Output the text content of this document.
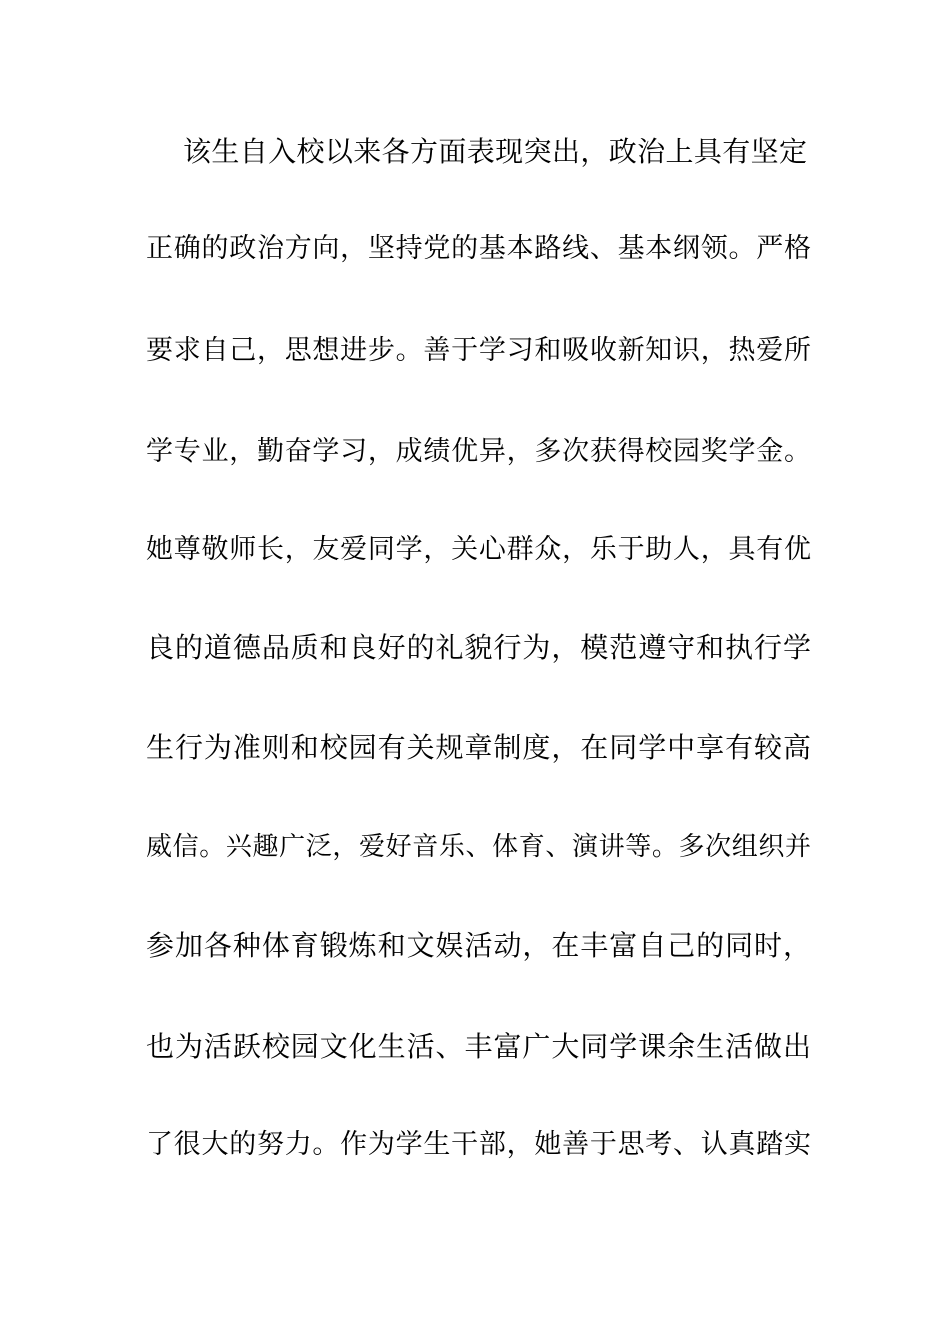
该生自入校以来各方面表现突出，政治上具有坚定
正确的政治方向，坚持党的基本路线、基本纲领。严格
要求自己，思想进步。善于学习和吸收新知识，热爱所
学专业，勤奋学习，成绩优异，多次获得校园奖学金。
她尊敬师长，友爱同学，关心群众，乐于助人，具有优
良的道德品质和良好的礼貌行为，模范遵守和执行学
生行为准则和校园有关规章制度，在同学中享有较高
威信。兴趣广泛，爱好音乐、体育、演讲等。多次组织并
参加各种体育锻炼和文娱活动，在丰富自己的同时，
也为活跃校园文化生活、丰富广大同学课余生活做出
了很大的努力。作为学生干部，她善于思考、认真踏实
